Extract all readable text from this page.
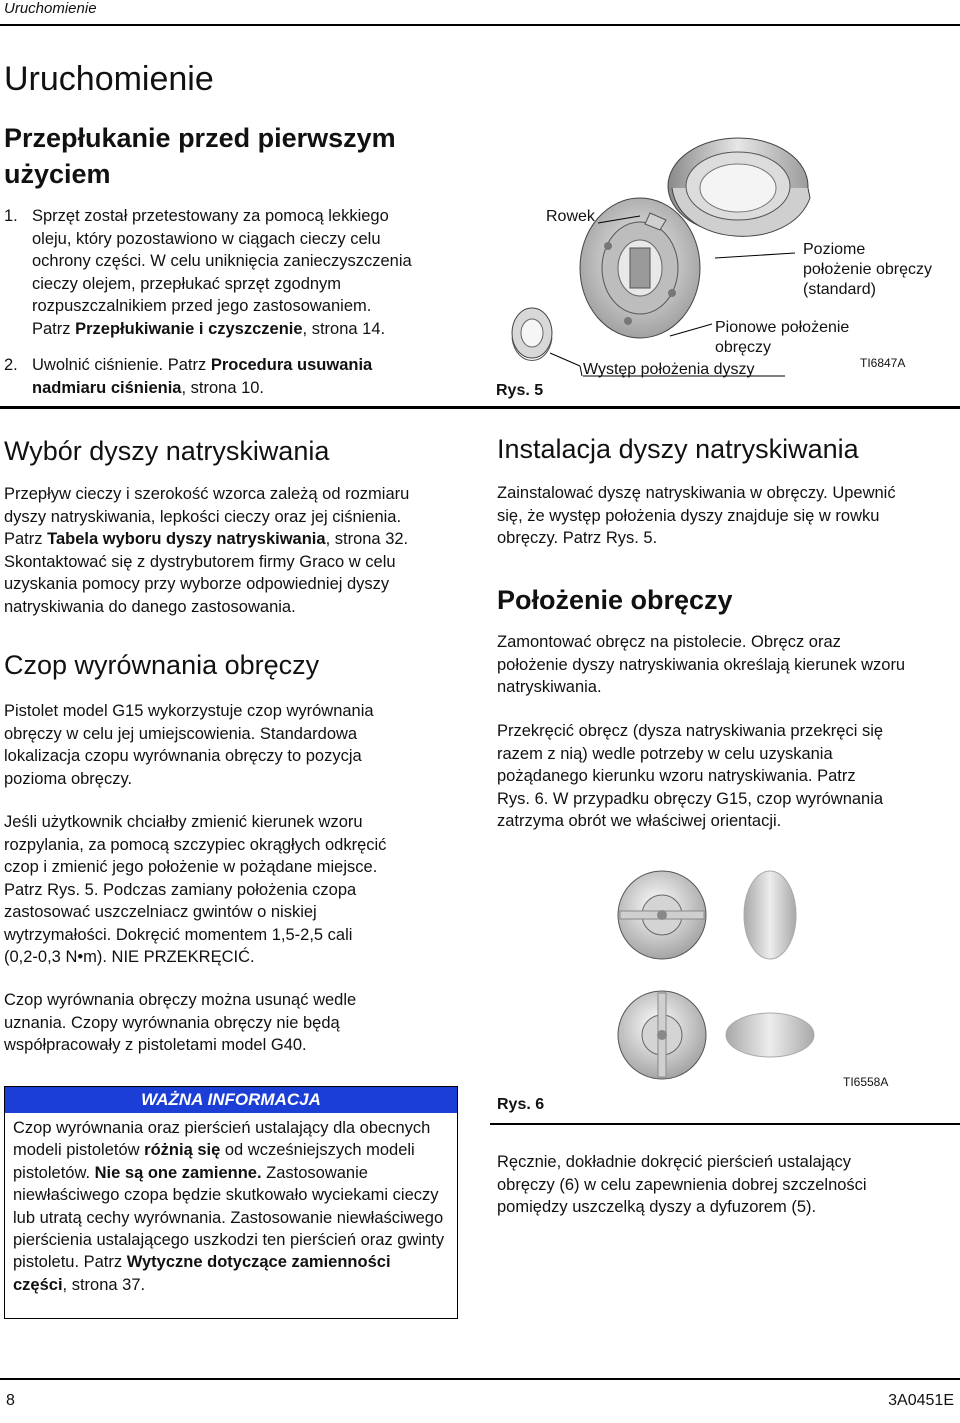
Uruchomienie
Uruchomienie
Przepłukanie przed pierwszym użyciem
1. Sprzęt został przetestowany za pomocą lekkiego
oleju, który pozostawiono w ciągach cieczy celu
ochrony części. W celu uniknięcia zanieczyszczenia
cieczy olejem, przepłukać sprzęt zgodnym
rozpuszczalnikiem przed jego zastosowaniem.
Patrz Przepłukiwanie i czyszczenie, strona 14.
2. Uwolnić ciśnienie. Patrz Procedura usuwania
nadmiaru ciśnienia, strona 10.
Wybór dyszy natryskiwania
Przepływ cieczy i szerokość wzorca zależą od rozmiaru
dyszy natryskiwania, lepkości cieczy oraz jej ciśnienia.
Patrz Tabela wyboru dyszy natryskiwania, strona 32.
Skontaktować się z dystrybutorem firmy Graco w celu
uzyskania pomocy przy wyborze odpowiedniej dyszy
natryskiwania do danego zastosowania.
Czop wyrównania obręczy
Pistolet model G15 wykorzystuje czop wyrównania
obręczy w celu jej umiejscowienia. Standardowa
lokalizacja czopu wyrównania obręczy to pozycja
pozioma obręczy.
Jeśli użytkownik chciałby zmienić kierunek wzoru
rozpylania, za pomocą szczypiec okrągłych odkręcić
czop i zmienić jego położenie w pożądane miejsce.
Patrz Rys. 5. Podczas zamiany położenia czopa
zastosować uszczelniacz gwintów o niskiej
wytrzymałości. Dokręcić momentem 1,5-2,5 cali
(0,2-0,3 N•m). NIE PRZEKRĘCIĆ.
Czop wyrównania obręczy można usunąć wedle
uznania. Czopy wyrównania obręczy nie będą
współpracowały z pistoletami model G40.
WAŻNA INFORMACJA
Czop wyrównania oraz pierścień ustalający dla obecnych modeli pistoletów różnią się od wcześniejszych modeli pistoletów. Nie są one zamienne. Zastosowanie niewłaściwego czopa będzie skutkowało wyciekami cieczy lub utratą cechy wyrównania. Zastosowanie niewłaściwego pierścienia ustalającego uszkodzi ten pierścień oraz gwinty pistoletu. Patrz Wytyczne dotyczące zamienności części, strona 37.
Rowek
Poziome
położenie obręczy
(standard)
Pionowe położenie
obręczy
Występ położenia dyszy	TI6847A
Rys. 5
Instalacja dyszy natryskiwania
Zainstalować dyszę natryskiwania w obręczy. Upewnić
się, że występ położenia dyszy znajduje się w rowku
obręczy. Patrz Rys. 5.
Położenie obręczy
Zamontować obręcz na pistolecie. Obręcz oraz
położenie dyszy natryskiwania określają kierunek wzoru
natryskiwania.
Przekręcić obręcz (dysza natryskiwania przekręci się
razem z nią) wedle potrzeby w celu uzyskania
pożądanego kierunku wzoru natryskiwania. Patrz
Rys. 6. W przypadku obręczy G15, czop wyrównania
zatrzyma obrót we właściwej orientacji.
TI6558A
Rys. 6
Ręcznie, dokładnie dokręcić pierścień ustalający
obręczy (6) w celu zapewnienia dobrej szczelności
pomiędzy uszczelką dyszy a dyfuzorem (5).
8	3A0451E
